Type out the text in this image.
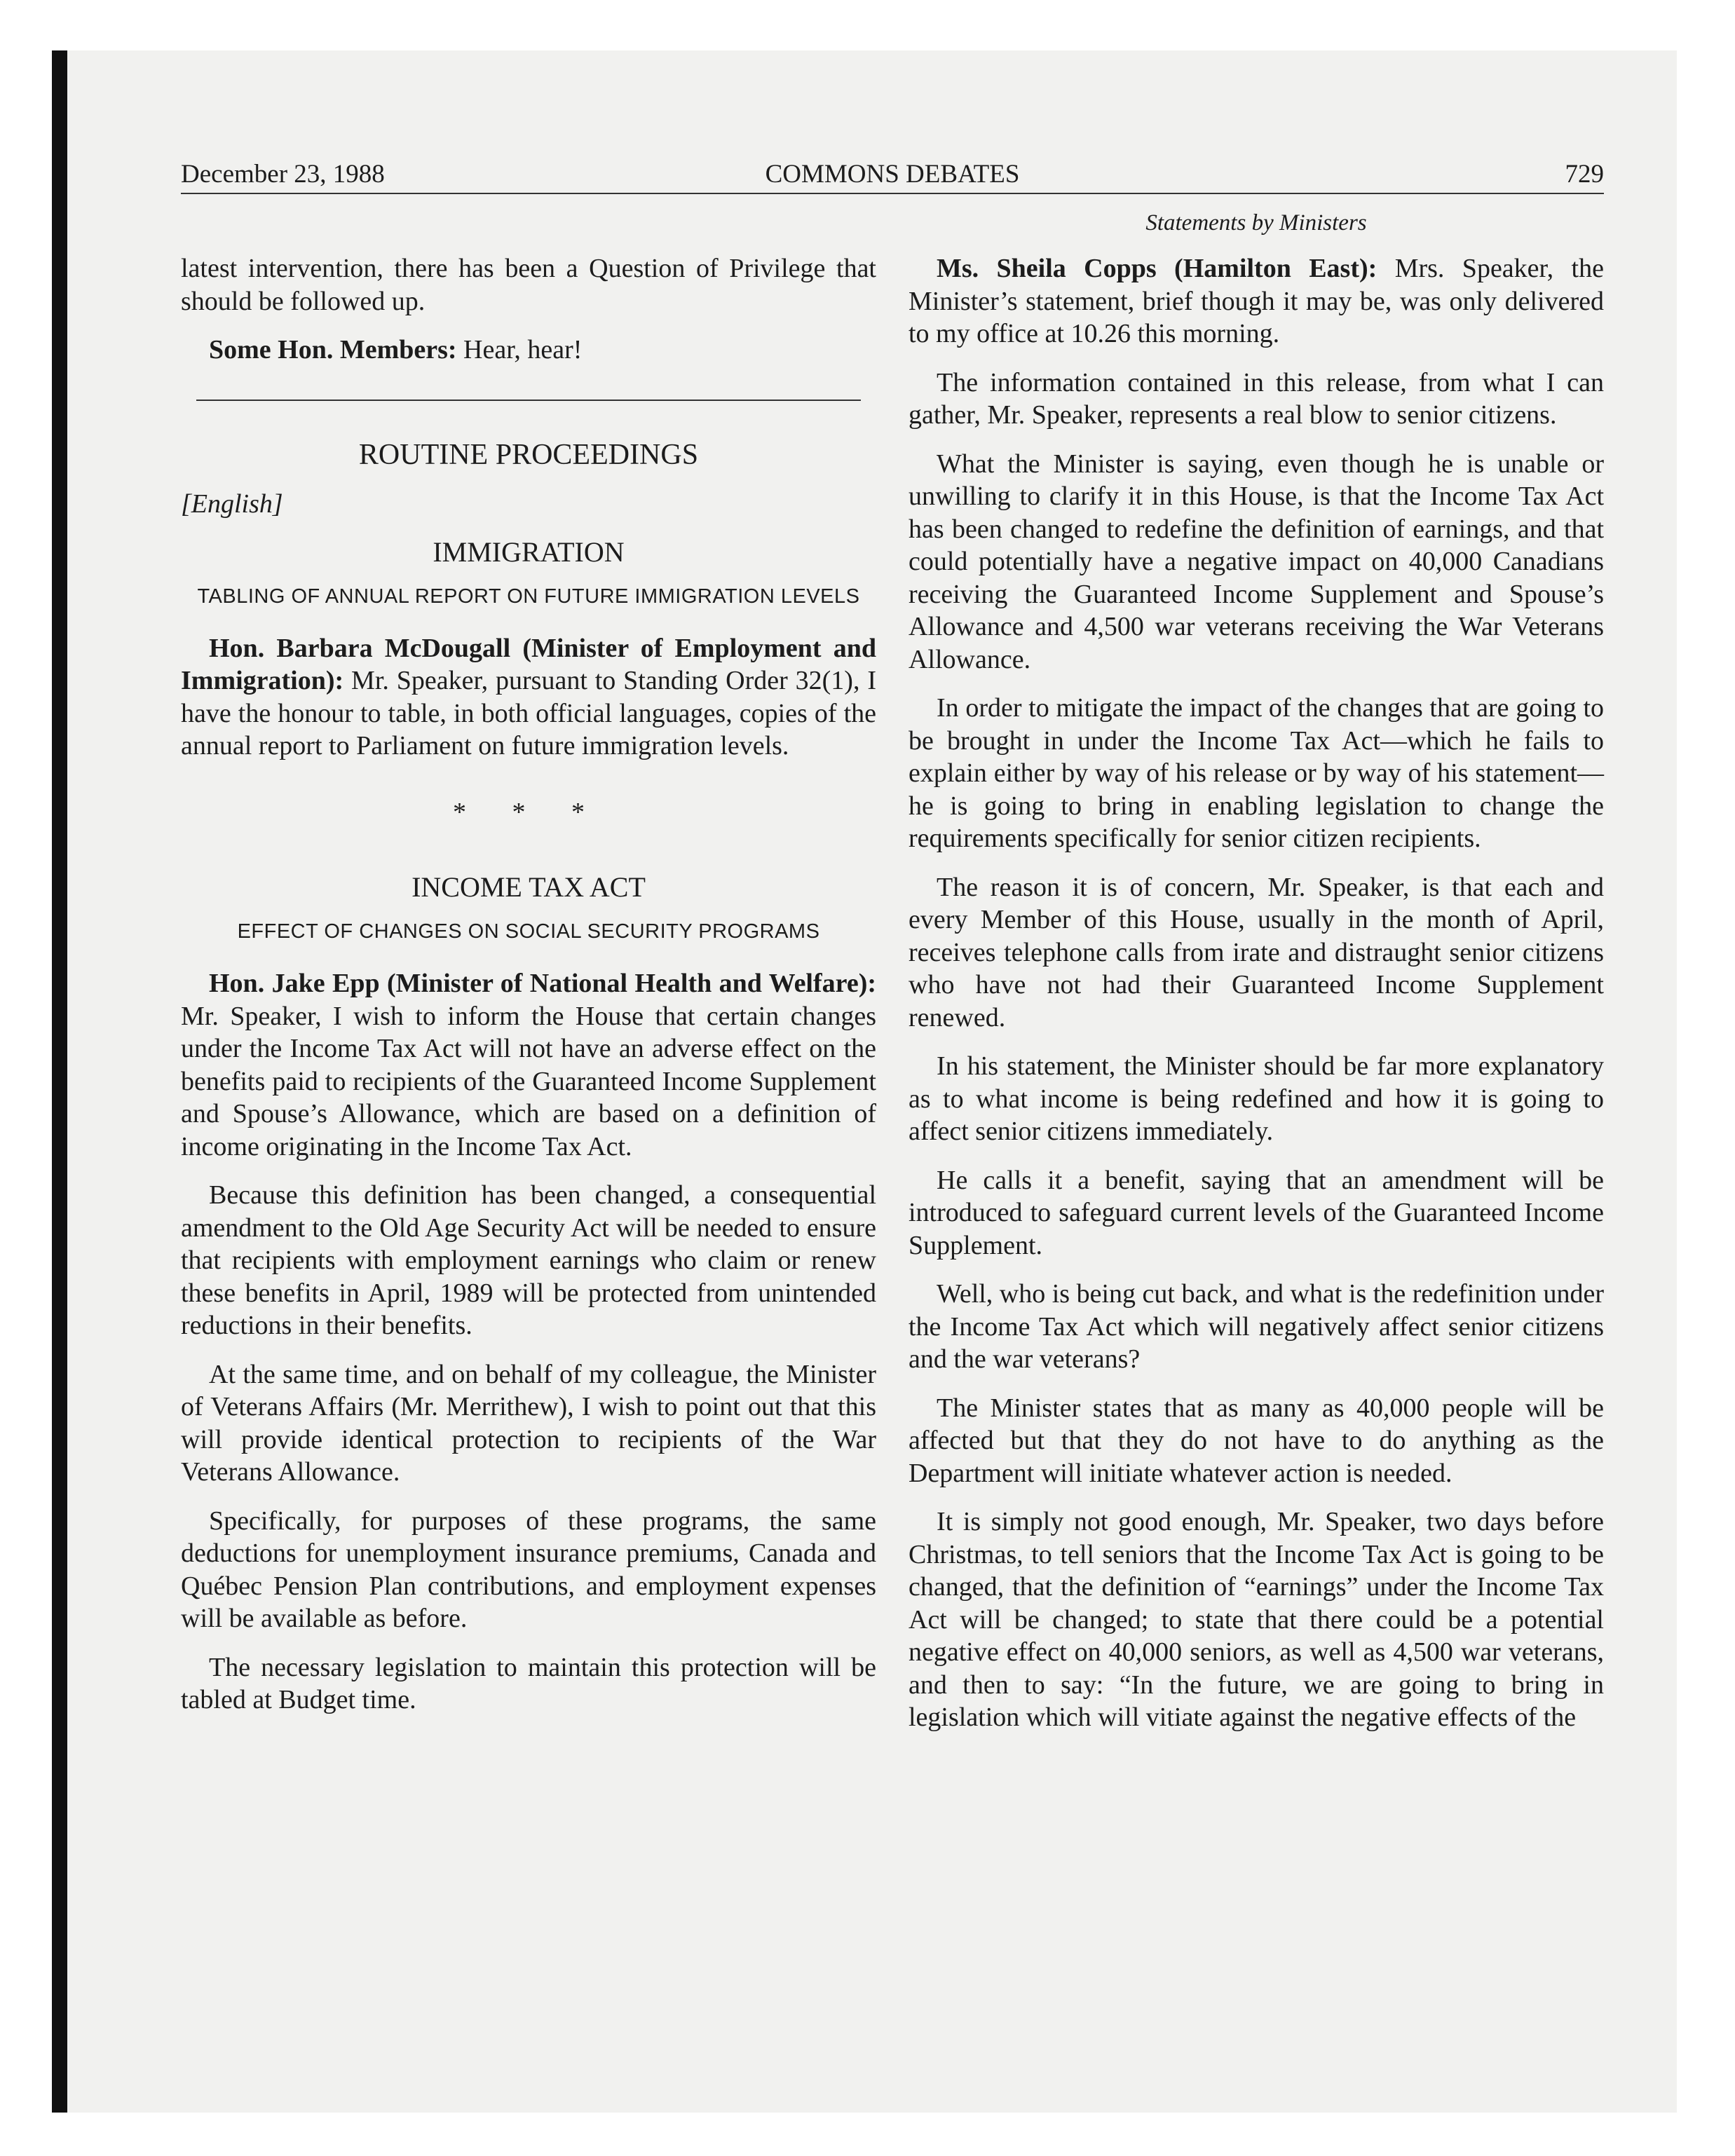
December 23, 1988	COMMONS DEBATES	729
Statements by Ministers

latest intervention, there has been a Question of Privilege that should be followed up.

Some Hon. Members: Hear, hear!

ROUTINE PROCEEDINGS
[English]
IMMIGRATION
TABLING OF ANNUAL REPORT ON FUTURE IMMIGRATION LEVELS

Hon. Barbara McDougall (Minister of Employment and Immigration): Mr. Speaker, pursuant to Standing Order 32(1), I have the honour to table, in both official languages, copies of the annual report to Parliament on future immigration levels.

* * *
INCOME TAX ACT
EFFECT OF CHANGES ON SOCIAL SECURITY PROGRAMS

Hon. Jake Epp (Minister of National Health and Welfare): Mr. Speaker, I wish to inform the House that certain changes under the Income Tax Act will not have an adverse effect on the benefits paid to recipients of the Guaranteed Income Supplement and Spouse’s Allowance, which are based on a definition of income originating in the Income Tax Act.

Because this definition has been changed, a consequential amendment to the Old Age Security Act will be needed to ensure that recipients with employment earnings who claim or renew these benefits in April, 1989 will be protected from unintended reductions in their benefits.

At the same time, and on behalf of my colleague, the Minister of Veterans Affairs (Mr. Merrithew), I wish to point out that this will provide identical protection to recipients of the War Veterans Allowance.

Specifically, for purposes of these programs, the same deductions for unemployment insurance premiums, Canada and Québec Pension Plan contributions, and employment expenses will be available as before.

The necessary legislation to maintain this protection will be tabled at Budget time.

Ms. Sheila Copps (Hamilton East): Mrs. Speaker, the Minister’s statement, brief though it may be, was only delivered to my office at 10.26 this morning.

The information contained in this release, from what I can gather, Mr. Speaker, represents a real blow to senior citizens.

What the Minister is saying, even though he is unable or unwilling to clarify it in this House, is that the Income Tax Act has been changed to redefine the definition of earnings, and that could potentially have a negative impact on 40,000 Canadians receiving the Guaranteed Income Supplement and Spouse’s Allowance and 4,500 war veterans receiving the War Veterans Allowance.

In order to mitigate the impact of the changes that are going to be brought in under the Income Tax Act—which he fails to explain either by way of his release or by way of his statement—he is going to bring in enabling legislation to change the requirements specifically for senior citizen recipients.

The reason it is of concern, Mr. Speaker, is that each and every Member of this House, usually in the month of April, receives telephone calls from irate and distraught senior citizens who have not had their Guaranteed Income Supplement renewed.

In his statement, the Minister should be far more explanatory as to what income is being redefined and how it is going to affect senior citizens immediately.

He calls it a benefit, saying that an amendment will be introduced to safeguard current levels of the Guaranteed Income Supplement.

Well, who is being cut back, and what is the redefinition under the Income Tax Act which will negatively affect senior citizens and the war veterans?

The Minister states that as many as 40,000 people will be affected but that they do not have to do anything as the Department will initiate whatever action is needed.

It is simply not good enough, Mr. Speaker, two days before Christmas, to tell seniors that the Income Tax Act is going to be changed, that the definition of “earnings” under the Income Tax Act will be changed; to state that there could be a potential negative effect on 40,000 seniors, as well as 4,500 war veterans, and then to say: “In the future, we are going to bring in legislation which will vitiate against the negative effects of the
